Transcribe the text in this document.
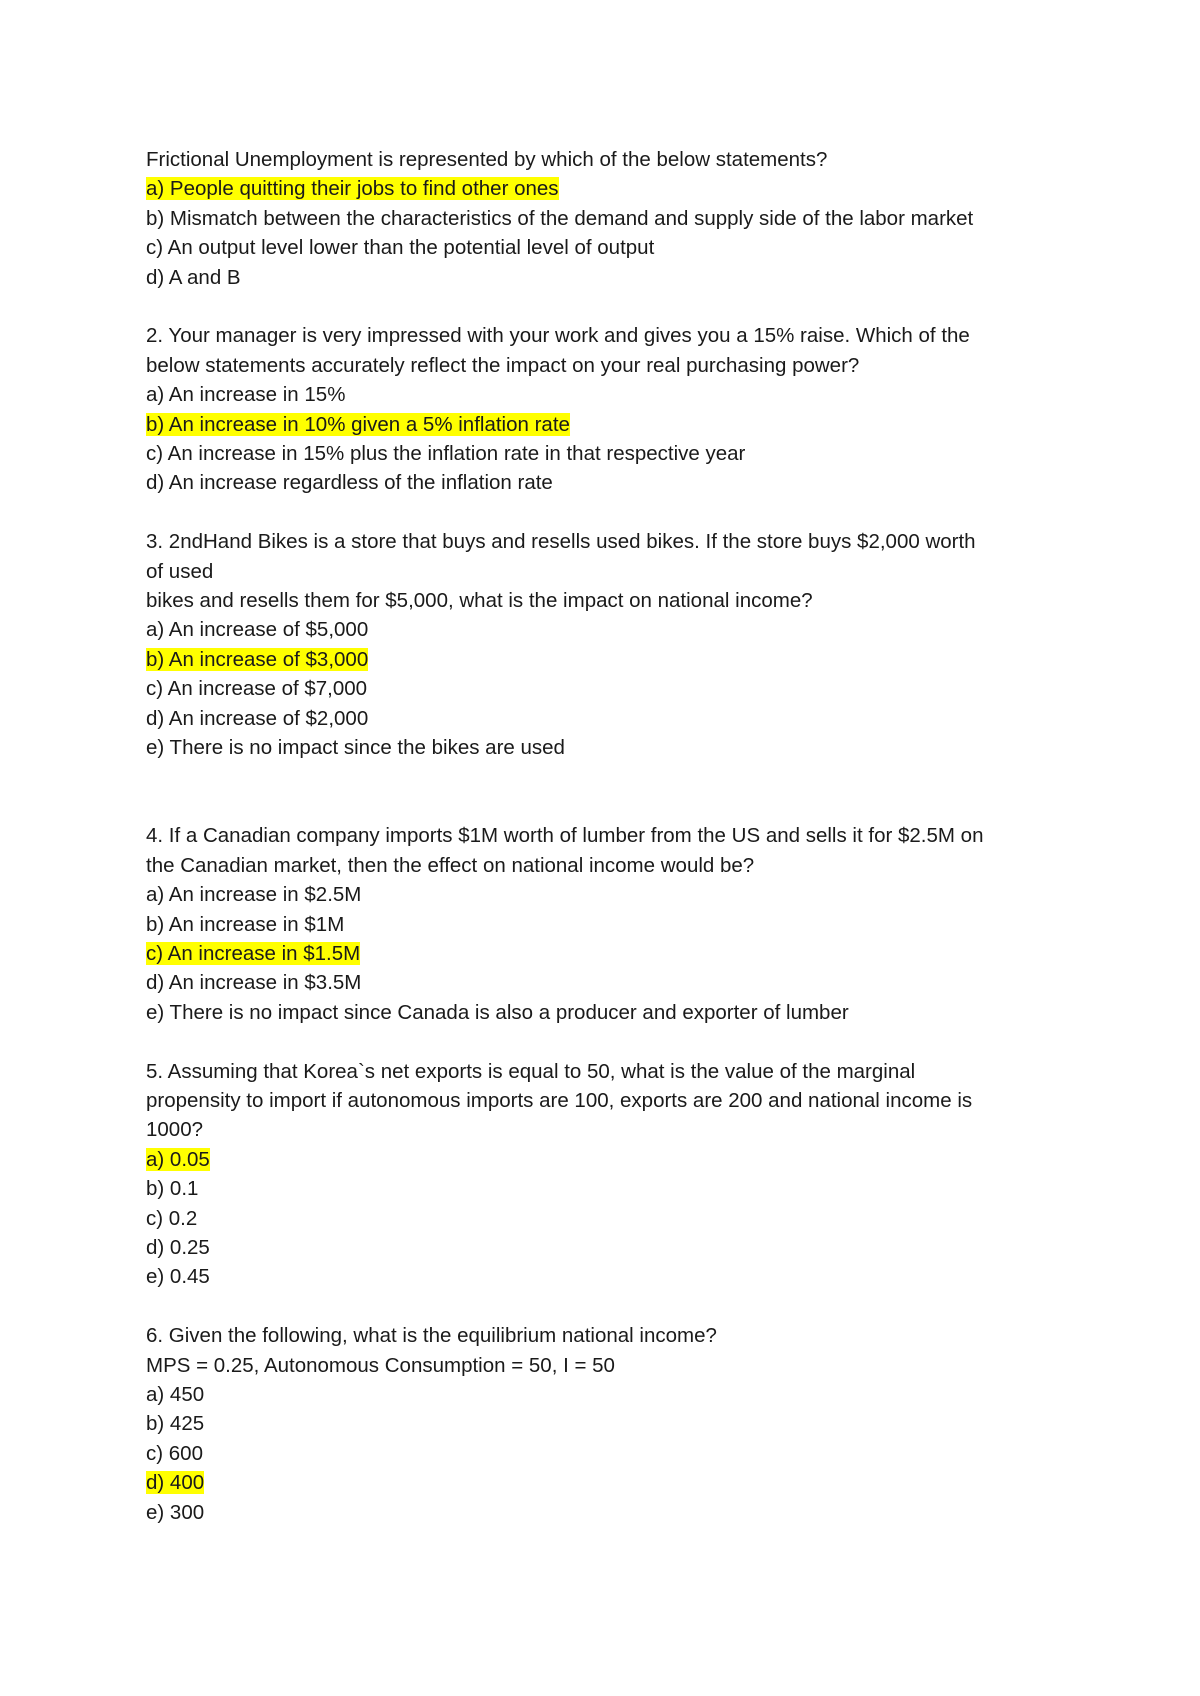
Frictional Unemployment is represented by which of the below statements?
a) People quitting their jobs to find other ones
b) Mismatch between the characteristics of the demand and supply side of the labor market
c) An output level lower than the potential level of output
d) A and B
2. Your manager is very impressed with your work and gives you a 15% raise. Which of the
below statements accurately reflect the impact on your real purchasing power?
a) An increase in 15%
b) An increase in 10% given a 5% inflation rate
c) An increase in 15% plus the inflation rate in that respective year
d) An increase regardless of the inflation rate
3. 2ndHand Bikes is a store that buys and resells used bikes. If the store buys $2,000 worth
of used
bikes and resells them for $5,000, what is the impact on national income?
a) An increase of $5,000
b) An increase of $3,000
c) An increase of $7,000
d) An increase of $2,000
e) There is no impact since the bikes are used
4. If a Canadian company imports $1M worth of lumber from the US and sells it for $2.5M on
the Canadian market, then the effect on national income would be?
a) An increase in $2.5M
b) An increase in $1M
c) An increase in $1.5M
d) An increase in $3.5M
e) There is no impact since Canada is also a producer and exporter of lumber
5. Assuming that Korea`s net exports is equal to 50, what is the value of the marginal
propensity to import if autonomous imports are 100, exports are 200 and national income is
1000?
a) 0.05
b) 0.1
c) 0.2
d) 0.25
e) 0.45
6. Given the following, what is the equilibrium national income?
MPS = 0.25, Autonomous Consumption = 50, I = 50
a) 450
b) 425
c) 600
d) 400
e) 300
